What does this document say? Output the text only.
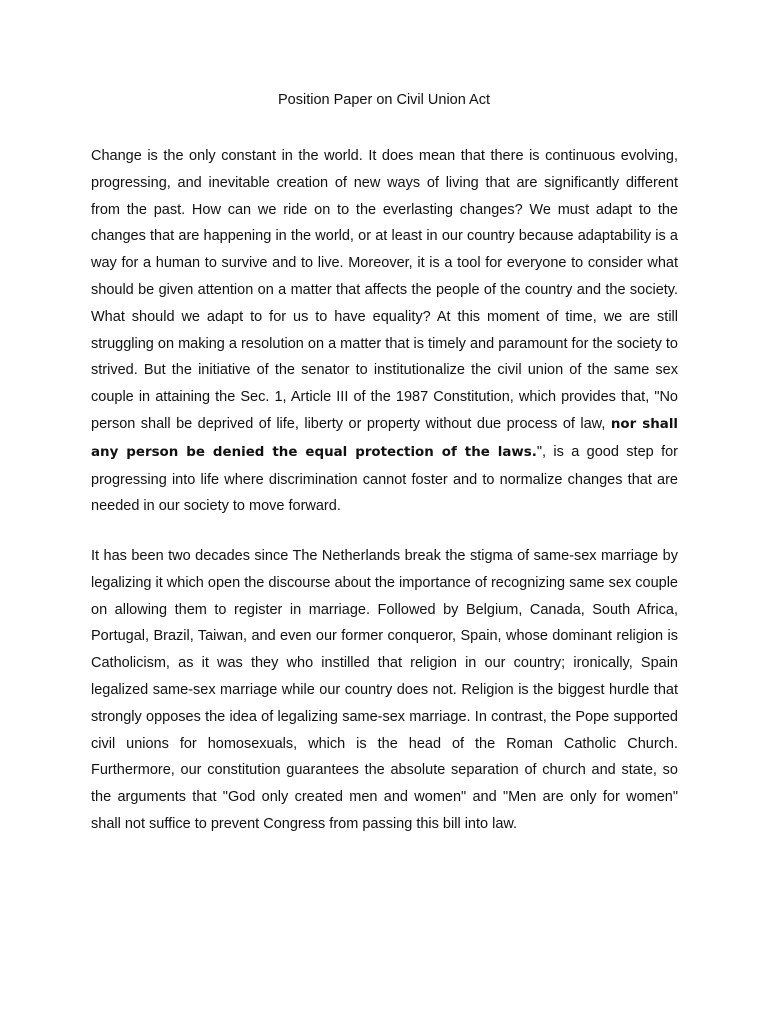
Position Paper on Civil Union Act

Change is the only constant in the world. It does mean that there is continuous evolving, progressing, and inevitable creation of new ways of living that are significantly different from the past. How can we ride on to the everlasting changes? We must adapt to the changes that are happening in the world, or at least in our country because adaptability is a way for a human to survive and to live. Moreover, it is a tool for everyone to consider what should be given attention on a matter that affects the people of the country and the society. What should we adapt to for us to have equality? At this moment of time, we are still struggling on making a resolution on a matter that is timely and paramount for the society to strived. But the initiative of the senator to institutionalize the civil union of the same sex couple in attaining the Sec. 1, Article III of the 1987 Constitution, which provides that, "No person shall be deprived of life, liberty or property without due process of law, nor shall any person be denied the equal protection of the laws.", is a good step for progressing into life where discrimination cannot foster and to normalize changes that are needed in our society to move forward.

It has been two decades since The Netherlands break the stigma of same-sex marriage by legalizing it which open the discourse about the importance of recognizing same sex couple on allowing them to register in marriage. Followed by Belgium, Canada, South Africa, Portugal, Brazil, Taiwan, and even our former conqueror, Spain, whose dominant religion is Catholicism, as it was they who instilled that religion in our country; ironically, Spain legalized same-sex marriage while our country does not. Religion is the biggest hurdle that strongly opposes the idea of legalizing same-sex marriage. In contrast, the Pope supported civil unions for homosexuals, which is the head of the Roman Catholic Church. Furthermore, our constitution guarantees the absolute separation of church and state, so the arguments that "God only created men and women" and "Men are only for women" shall not suffice to prevent Congress from passing this bill into law.
